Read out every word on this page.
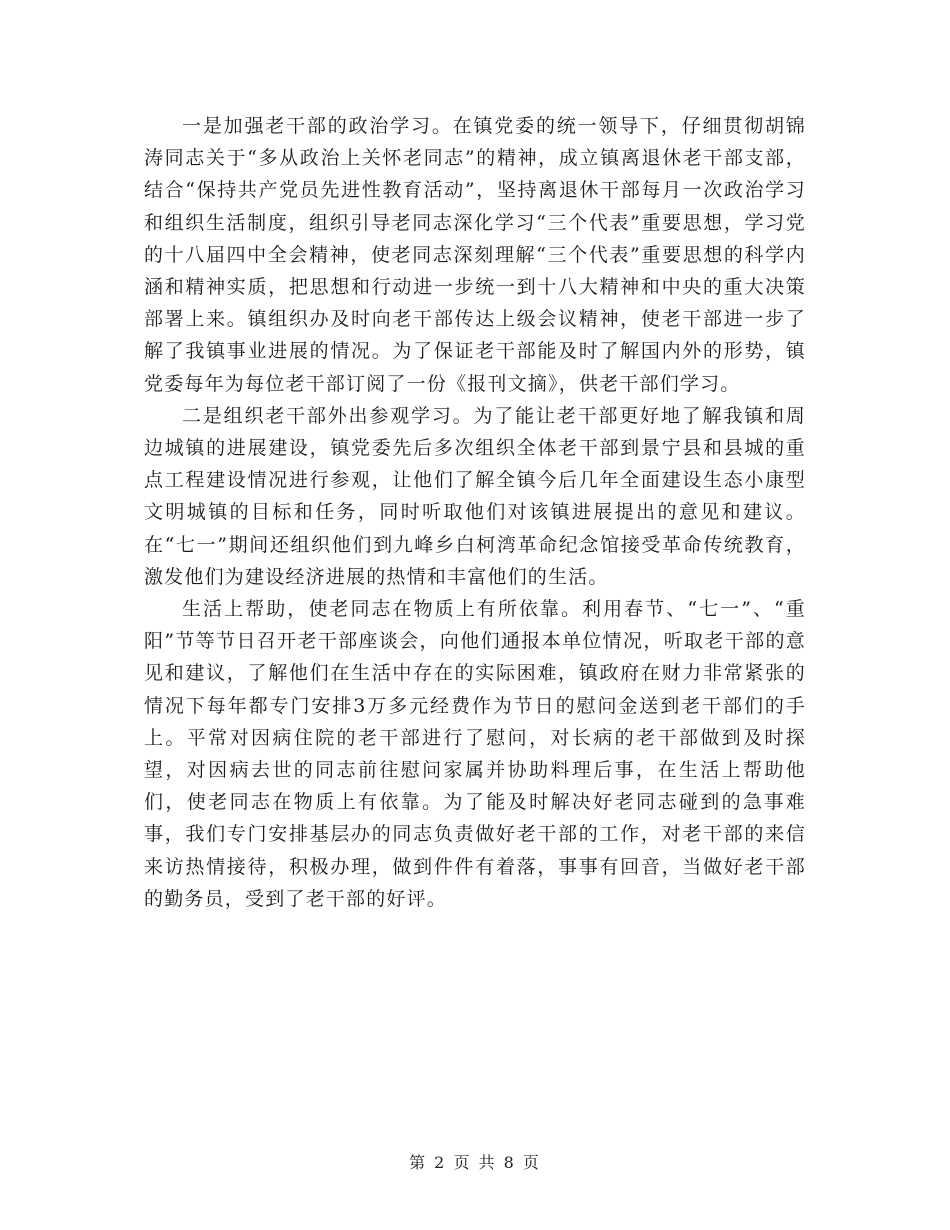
一是加强老干部的政治学习。在镇党委的统一领导下，仔细贯彻胡锦涛同志关于“多从政治上关怀老同志”的精神，成立镇离退休老干部支部，结合“保持共产党员先进性教育活动”，坚持离退休干部每月一次政治学习和组织生活制度，组织引导老同志深化学习“三个代表”重要思想，学习党的十八届四中全会精神，使老同志深刻理解“三个代表”重要思想的科学内涵和精神实质，把思想和行动进一步统一到十八大精神和中央的重大决策部署上来。镇组织办及时向老干部传达上级会议精神，使老干部进一步了解了我镇事业进展的情况。为了保证老干部能及时了解国内外的形势，镇党委每年为每位老干部订阅了一份《报刊文摘》，供老干部们学习。

二是组织老干部外出参观学习。为了能让老干部更好地了解我镇和周边城镇的进展建设，镇党委先后多次组织全体老干部到景宁县和县城的重点工程建设情况进行参观，让他们了解全镇今后几年全面建设生态小康型文明城镇的目标和任务，同时听取他们对该镇进展提出的意见和建议。在“七一”期间还组织他们到九峰乡白柯湾革命纪念馆接受革命传统教育，激发他们为建设经济进展的热情和丰富他们的生活。

生活上帮助，使老同志在物质上有所依靠。利用春节、“七一”、“重阳”节等节日召开老干部座谈会，向他们通报本单位情况，听取老干部的意见和建议，了解他们在生活中存在的实际困难，镇政府在财力非常紧张的情况下每年都专门安排3万多元经费作为节日的慰问金送到老干部们的手上。平常对因病住院的老干部进行了慰问，对长病的老干部做到及时探望，对因病去世的同志前往慰问家属并协助料理后事，在生活上帮助他们，使老同志在物质上有依靠。为了能及时解决好老同志碰到的急事难事，我们专门安排基层办的同志负责做好老干部的工作，对老干部的来信来访热情接待，积极办理，做到件件有着落，事事有回音，当做好老干部的勤务员，受到了老干部的好评。

第 2 页 共 8 页
